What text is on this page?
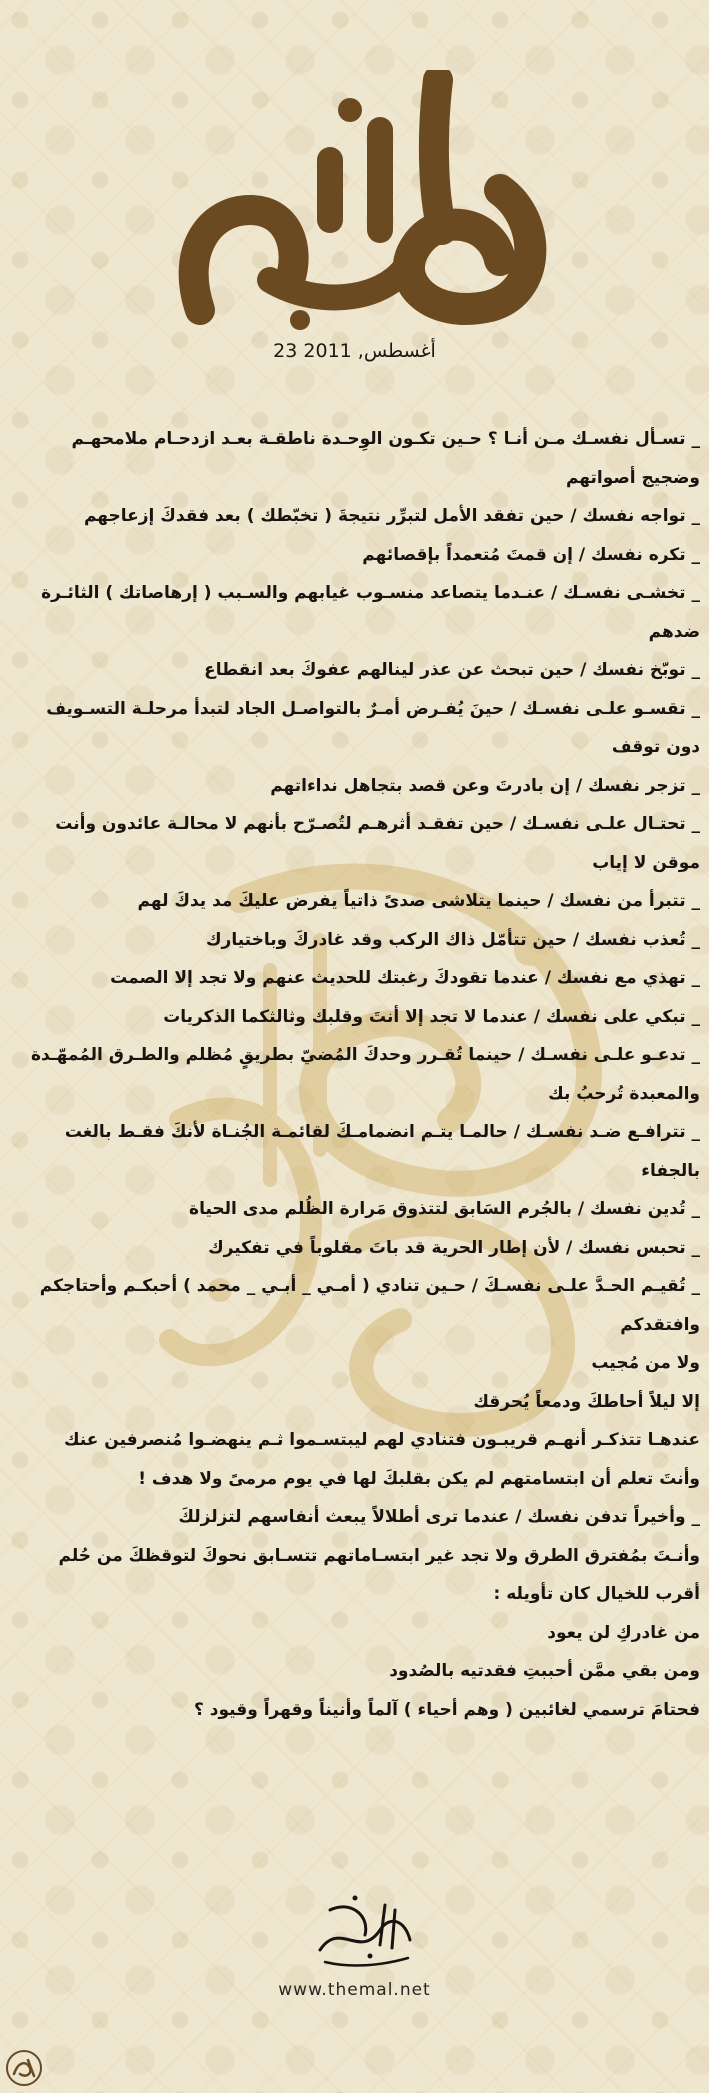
23 أغسطس, 2011

_ تسـأل نفسـك مـن أنـا ؟ حـين تكـون الوِحـدة ناطقـة بعـد ازدحـام ملامحهـم

وضجيج أصواتهم

_ تواجه نفسك / حين تفقد الأمل لتبرِّر نتيجةَ ( تخبّطك ) بعد فقدكَ إزعاجهم

_ تكره نفسك / إن قمتَ مُتعمداً بإقصائهم

_ تخشـى نفسـك / عنـدما يتصاعد منسـوب غيابهم والسـبب ( إرهاصاتك ) الثائـرة

ضدهم

_ توبّخ نفسك / حين تبحث عن عذر لينالهم عفوكَ بعد انقطاع

_ تقسـو علـى نفسـك / حينَ يُفـرض أمـرٌ بالتواصـل الجاد لتبدأ مرحلـة التسـويف

دون توقف

_ تزجر نفسك / إن بادرتَ وعن قصد بتجاهل نداءاتهم

_ تحتـال علـى نفسـك / حين تفقـد أثرهـم لتُصـرّح بأنهم لا محالـة عائدون وأنت

موقن لا إياب

_ تتبرأ من نفسك / حينما يتلاشى صدىً ذاتياً يفرض عليكَ مد يدكَ لهم

_ تُعذب نفسك / حين تتأمّل ذاك الركب وقد غادركَ وباختيارك

_ تهذي مع نفسك / عندما تقودكَ رغبتك للحديث عنهم ولا تجد إلا الصمت

_ تبكي على نفسك / عندما لا تجد إلا أنتَ وقلبك وثالثكما الذكريات

_ تدعـو علـى نفسـك / حينما تُقـرر وحدكَ المُضيّ بطريقٍ مُظلم والطـرق المُمهّـدة

والمعبدة تُرحبُ بك

_ تترافـع ضـد نفسـك / حالمـا يتـم انضمامـكَ لقائمـة الجُنـاة لأنكَ فقـط بالغت

بالجفاء

_ تُدين نفسك / بالجُرم السَابق لتتذوق مَرارة الظُلم مدى الحياة

_ تحبس نفسك / لأن إطار الحرية قد باتَ مقلوباً في تفكيرك

_ تُقيـم الحـدَّ علـى نفسـكَ / حـين تنادي ( أمـي _ أبـي _ محمد ) أحبكـم وأحتاجكم

وافتقدكم

ولا من مُجيب

إلا ليلاً أحاطكَ ودمعاً يُحرقك

عندهـا تتذكـر أنهـم قريبـون فتنادي لهم ليبتسـموا ثـم ينهضـوا مُنصرفين عنك

وأنتَ تعلم أن ابتسامتهم لم يكن بقلبكَ لها في يوم مرمىً ولا هدف !

_ وأخيراً تدفن نفسك / عندما ترى أطلالاً يبعث أنفاسهم لتزلزلكَ

وأنـتَ بمُفترق الطرق ولا تجد غير ابتسـاماتهم تتسـابق نحوكَ لتوقظكَ من حُلم

أقرب للخيال كان تأويله :

من غادركِ لن يعود

ومن بقي ممَّن أحببتِ فقدتيه بالصُدود

فحتامَ ترسمي لغائبين ( وهم أحياء ) آلماً وأنيناً وقهراً وقيود ؟

www.themal.net
